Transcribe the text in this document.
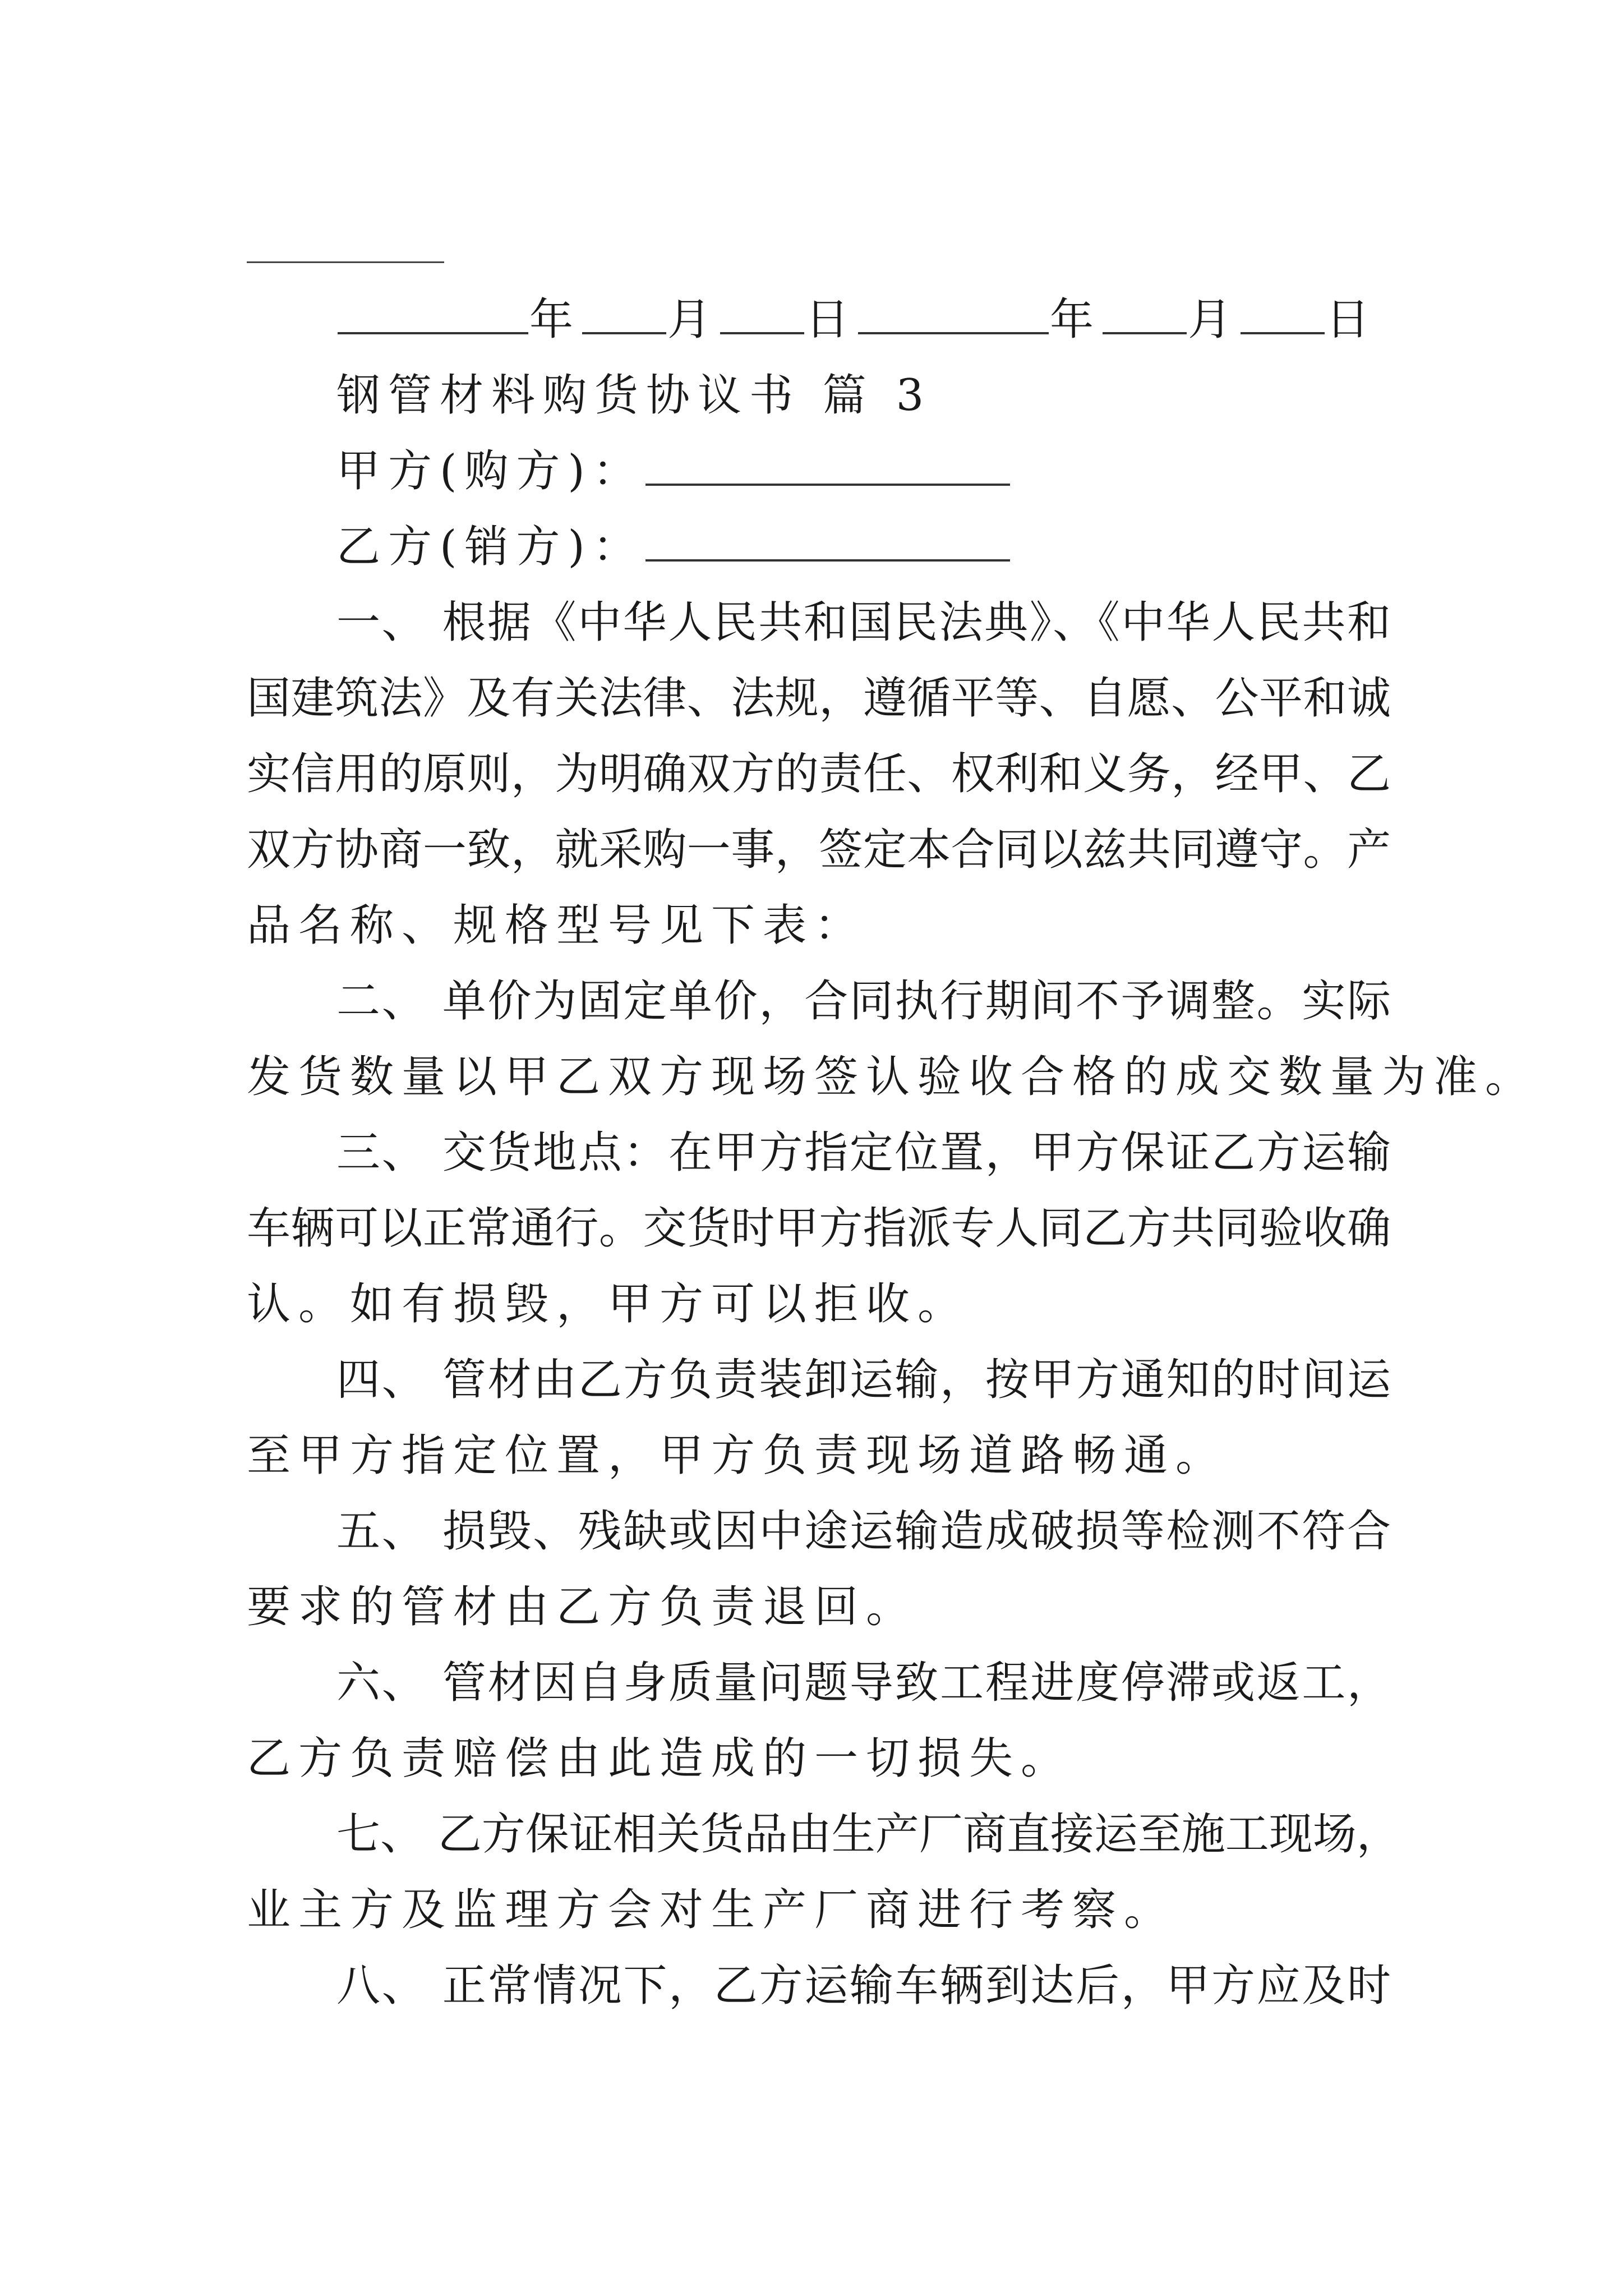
年 月 日	年 月 日
钢管材料购货协议书 篇 3
甲方(购方)：
乙方(销方)：
一、 根据《中华人民共和国民法典》、《中华人民共和
国建筑法》及有关法律、法规，遵循平等、自愿、公平和诚
实信用的原则，为明确双方的责任、权利和义务，经甲、乙
双方协商一致，就采购一事，签定本合同以兹共同遵守。产
品名称、规格型号见下表：
二、 单价为固定单价，合同执行期间不予调整。实际
发货数量以甲乙双方现场签认验收合格的成交数量为准。
三、 交货地点：在甲方指定位置，甲方保证乙方运输
车辆可以正常通行。交货时甲方指派专人同乙方共同验收确
认。如有损毁，甲方可以拒收。
四、 管材由乙方负责装卸运输，按甲方通知的时间运
至甲方指定位置，甲方负责现场道路畅通。
五、 损毁、残缺或因中途运输造成破损等检测不符合
要求的管材由乙方负责退回。
六、 管材因自身质量问题导致工程进度停滞或返工，
乙方负责赔偿由此造成的一切损失。
七、 乙方保证相关货品由生产厂商直接运至施工现场，
业主方及监理方会对生产厂商进行考察。
八、 正常情况下，乙方运输车辆到达后，甲方应及时
